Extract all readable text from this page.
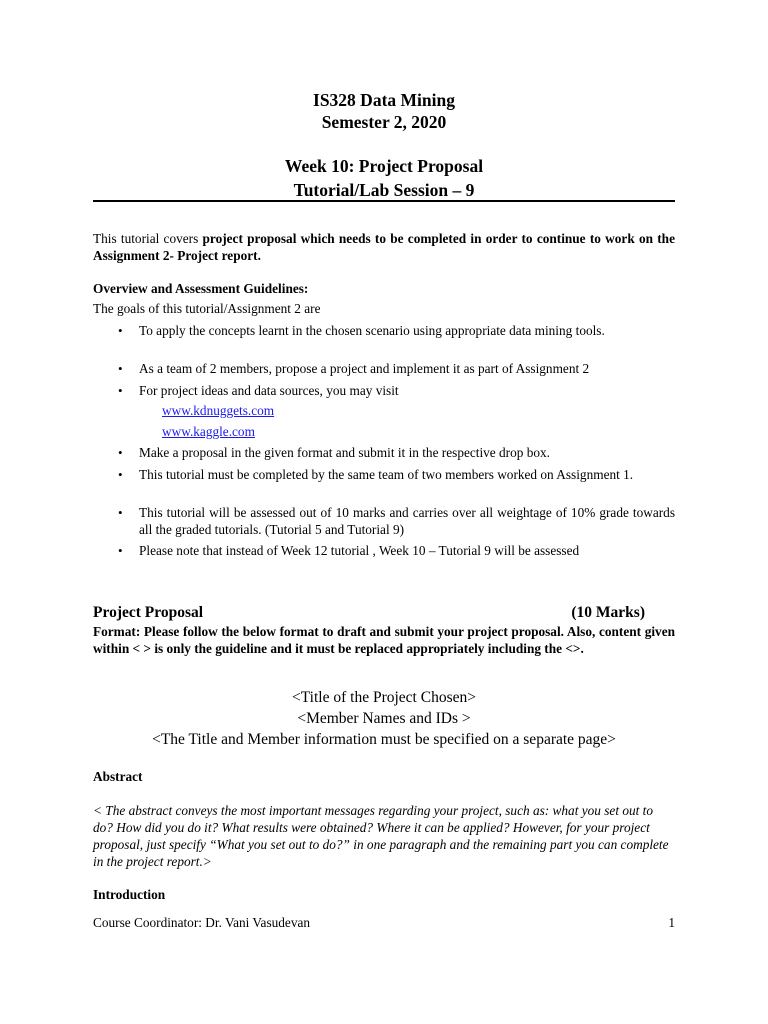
IS328 Data Mining
Semester 2, 2020
Week 10: Project Proposal
Tutorial/Lab Session – 9
This tutorial covers project proposal which needs to be completed in order to continue to work on the Assignment 2- Project report.
Overview and Assessment Guidelines:
The goals of this tutorial/Assignment 2 are
•	To apply the concepts learnt in the chosen scenario using appropriate data mining tools.
•	As a team of 2 members, propose a project and implement it as part of Assignment 2
•	For project ideas and data sources, you may visit
www.kdnuggets.com
www.kaggle.com
•	Make a proposal in the given format and submit it in the respective drop box.
•	This tutorial must be completed by the same team of two members worked on Assignment 1.
•	This tutorial will be assessed out of 10 marks and carries over all weightage of 10% grade towards all the graded tutorials. (Tutorial 5 and Tutorial 9)
•	Please note that instead of Week 12 tutorial , Week 10 – Tutorial 9 will be assessed
Project Proposal	(10 Marks)
Format: Please follow the below format to draft and submit your project proposal. Also, content given within < > is only the guideline and it must be replaced appropriately including the <>.
<Title of the Project Chosen>
<Member Names and IDs >
<The Title and Member information must be specified on a separate page>
Abstract
< The abstract conveys the most important messages regarding your project, such as: what you set out to do? How did you do it? What results were obtained? Where it can be applied? However, for your project proposal, just specify “What you set out to do?” in one paragraph and the remaining part you can complete in the project report.>
Introduction
Course Coordinator: Dr. Vani Vasudevan	1
